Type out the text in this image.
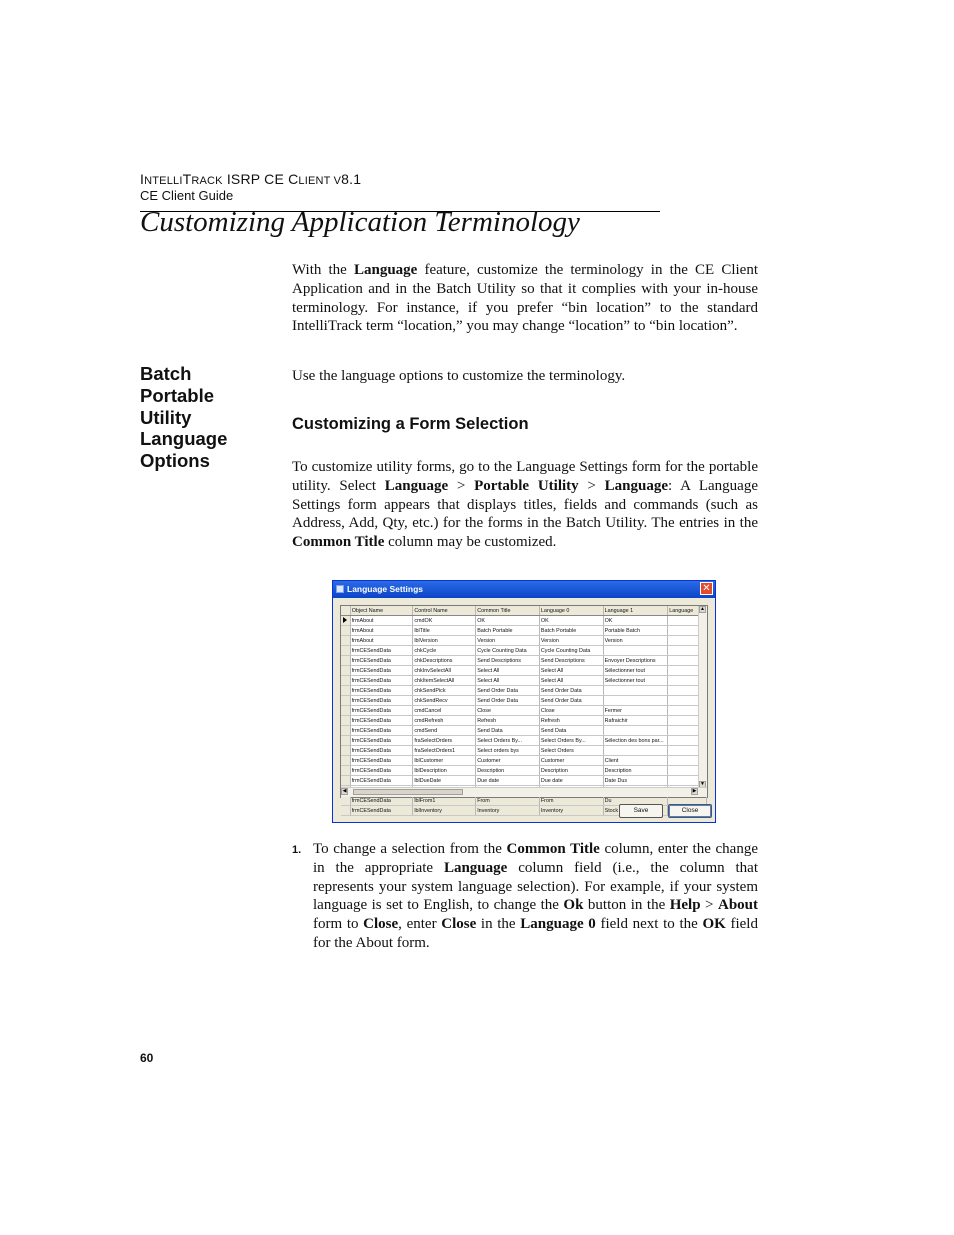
INTELLITRACK ISRP CE CLIENT V8.1
CE Client Guide
Customizing Application Terminology
With the Language feature, customize the terminology in the CE Client Application and in the Batch Utility so that it complies with your in-house terminology. For instance, if you prefer “bin location” to the standard IntelliTrack term “location,” you may change “location” to “bin location”.
Batch
Portable
Utility
Language
Options
Use the language options to customize the terminology.
Customizing a Form Selection
To customize utility forms, go to the Language Settings form for the portable utility. Select Language > Portable Utility > Language: A Language Settings form appears that displays titles, fields and commands (such as Address, Add, Qty, etc.) for the forms in the Batch Utility. The entries in the Common Title column may be customized.
Language Settings	✕
	Object Name	Control Name	Common Title	Language 0	Language 1	Language
	frmAbout	cmdOK	OK	OK	OK	
	frmAbout	lblTitle	Batch Portable	Batch Portable	Portable Batch	
	frmAbout	lblVersion	Version	Version	Version	
	frmCESendData	chkCycle	Cycle Counting Data	Cycle Counting Data		
	frmCESendData	chkDescriptions	Send Descriptions	Send Descriptions	Envoyer Descriptions	
	frmCESendData	chkInvSelectAll	Select All	Select All	Sélectionner tout	
	frmCESendData	chkItemSelectAll	Select All	Select All	Sélectionner tout	
	frmCESendData	chkSendPick	Send Order Data	Send Order Data		
	frmCESendData	chkSendRecv	Send Order Data	Send Order Data		
	frmCESendData	cmdCancel	Close	Close	Fermer	
	frmCESendData	cmdRefresh	Refresh	Refresh	Rafraichir	
	frmCESendData	cmdSend	Send Data	Send Data		
	frmCESendData	fraSelectOrders	Select Orders By...	Select Orders By...	Sélection des bons par...	
	frmCESendData	fraSelectOrders1	Select orders bys	Select Orders		
	frmCESendData	lblCustomer	Customer	Customer	Client	
	frmCESendData	lblDescription	Description	Description	Description	
	frmCESendData	lblDueDate	Due date	Due date	Date Dus	

	frmCESendData	lblFrom1	From	From	Du	
	frmCESendData	lblInventory	Inventory	Inventory	Stock	
▲
▼
◀	▶
Save	Close
1. To change a selection from the Common Title column, enter the change in the appropriate Language column field (i.e., the column that represents your system language selection). For example, if your system language is set to English, to change the Ok button in the Help > About form to Close, enter Close in the Language 0 field next to the OK field for the About form.
60
